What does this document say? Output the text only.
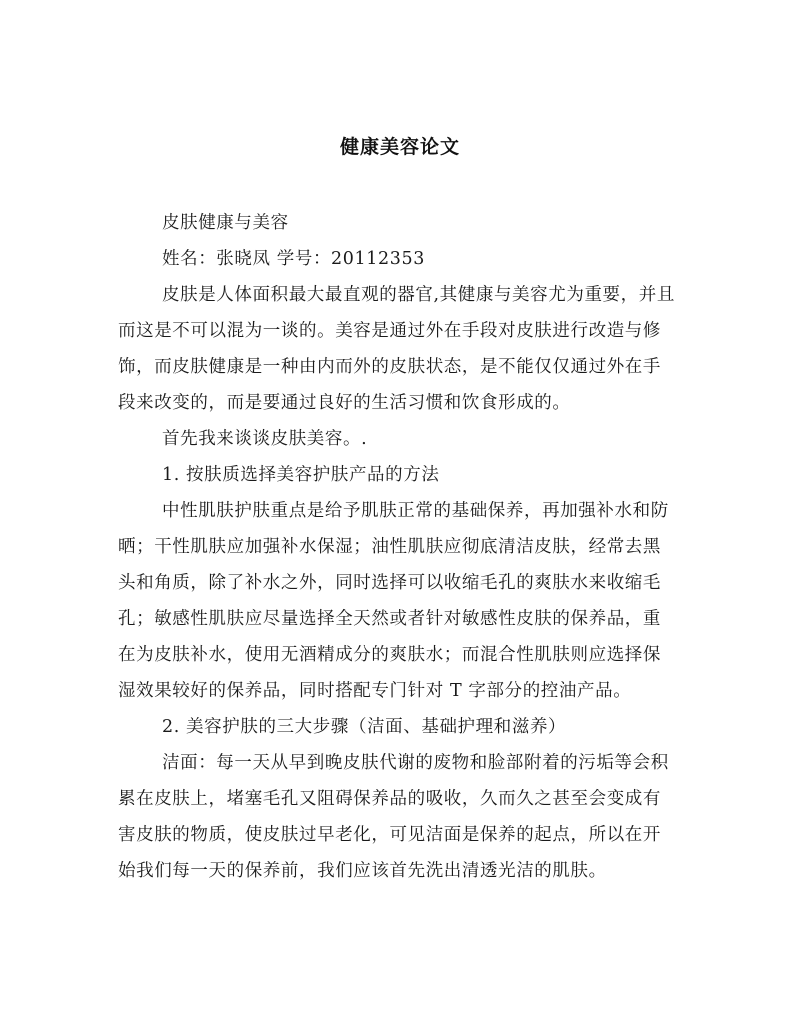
健康美容论文
皮肤健康与美容
姓名：张晓凤 学号：20112353
皮肤是人体面积最大最直观的器官,其健康与美容尤为重要，并且
而这是不可以混为一谈的。美容是通过外在手段对皮肤进行改造与修
饰，而皮肤健康是一种由内而外的皮肤状态，是不能仅仅通过外在手
段来改变的，而是要通过良好的生活习惯和饮食形成的。
首先我来谈谈皮肤美容。.
1. 按肤质选择美容护肤产品的方法
中性肌肤护肤重点是给予肌肤正常的基础保养，再加强补水和防
晒；干性肌肤应加强补水保湿；油性肌肤应彻底清洁皮肤，经常去黑
头和角质，除了补水之外，同时选择可以收缩毛孔的爽肤水来收缩毛
孔；敏感性肌肤应尽量选择全天然或者针对敏感性皮肤的保养品，重
在为皮肤补水，使用无酒精成分的爽肤水；而混合性肌肤则应选择保
湿效果较好的保养品，同时搭配专门针对 T 字部分的控油产品。
2. 美容护肤的三大步骤（洁面、基础护理和滋养）
洁面：每一天从早到晚皮肤代谢的废物和脸部附着的污垢等会积
累在皮肤上，堵塞毛孔又阻碍保养品的吸收，久而久之甚至会变成有
害皮肤的物质，使皮肤过早老化，可见洁面是保养的起点，所以在开
始我们每一天的保养前，我们应该首先洗出清透光洁的肌肤。
